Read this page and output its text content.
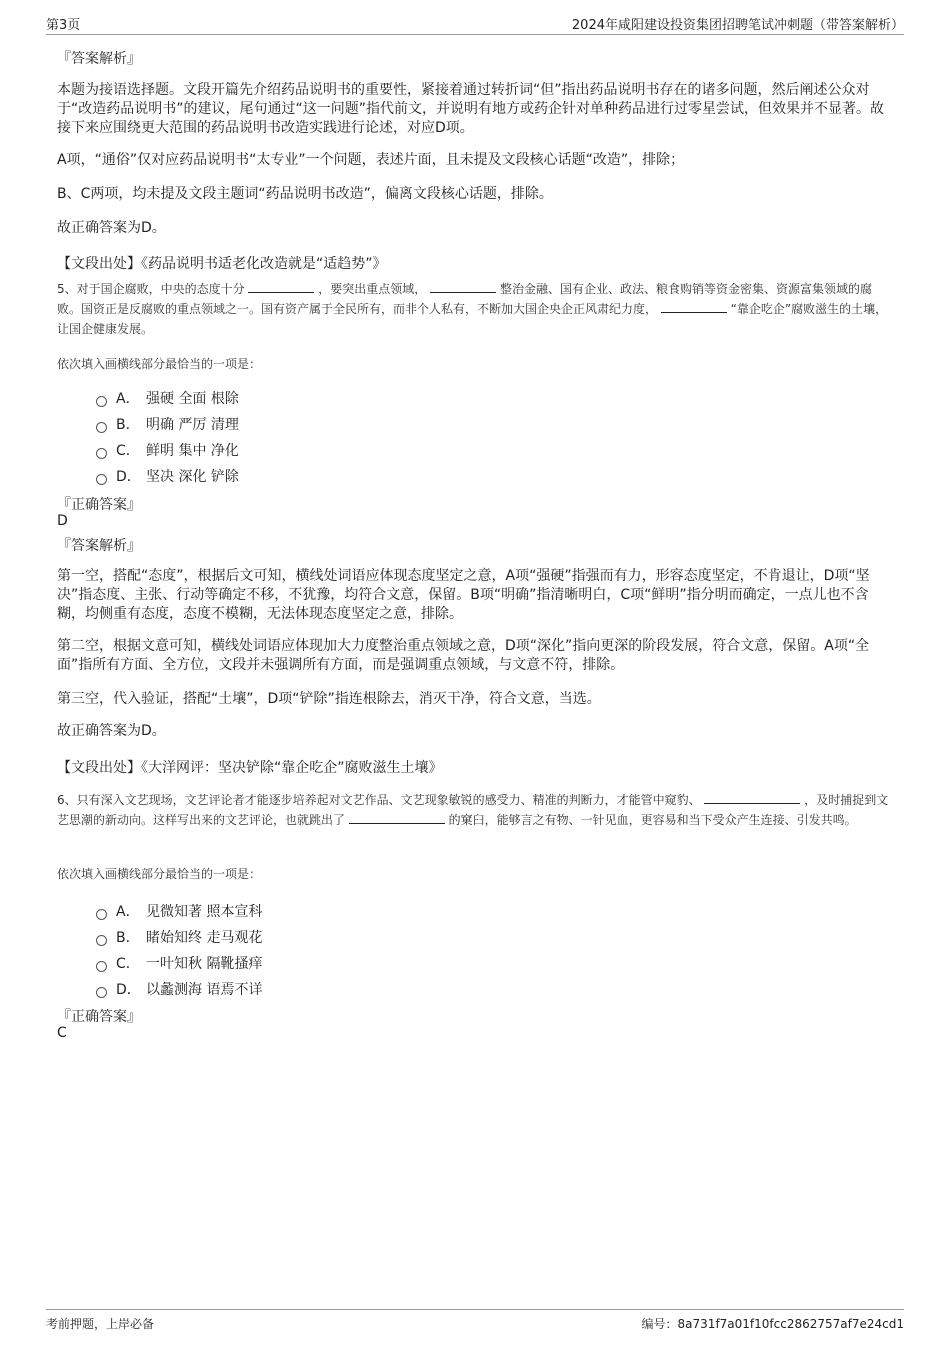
第3页	2024年咸阳建设投资集团招聘笔试冲刺题（带答案解析）
『答案解析』
本题为接语选择题。文段开篇先介绍药品说明书的重要性，紧接着通过转折词“但”指出药品说明书存在的诸多问题，然后阐述公众对于“改造药品说明书”的建议，尾句通过“这一问题”指代前文，并说明有地方或药企针对单种药品进行过零星尝试，但效果并不显著。故接下来应围绕更大范围的药品说明书改造实践进行论述，对应D项。
A项，“通俗”仅对应药品说明书“太专业”一个问题，表述片面，且未提及文段核心话题“改造”，排除；
B、C两项，均未提及文段主题词“药品说明书改造”，偏离文段核心话题，排除。
故正确答案为D。
【文段出处】《药品说明书适老化改造就是“适趋势”》
5、对于国企腐败，中央的态度十分	，要突出重点领域，	整治金融、国有企业、政法、粮食购销等资金密集、资源富集领域的腐败。国资正是反腐败的重点领域之一。国有资产属于全民所有，而非个人私有，不断加大国企央企正风肃纪力度，	“靠企吃企”腐败滋生的土壤，让国企健康发展。
依次填入画横线部分最恰当的一项是：
A． 强硬 全面 根除
B． 明确 严厉 清理
C． 鲜明 集中 净化
D． 坚决 深化 铲除
『正确答案』
D
『答案解析』
第一空，搭配“态度”，根据后文可知，横线处词语应体现态度坚定之意，A项“强硬”指强而有力，形容态度坚定，不肯退让，D项“坚决”指态度、主张、行动等确定不移，不犹豫，均符合文意，保留。B项“明确”指清晰明白，C项“鲜明”指分明而确定，一点儿也不含糊，均侧重有态度，态度不模糊，无法体现态度坚定之意，排除。
第二空，根据文意可知，横线处词语应体现加大力度整治重点领域之意，D项“深化”指向更深的阶段发展，符合文意，保留。A项“全面”指所有方面、全方位，文段并未强调所有方面，而是强调重点领域，与文意不符，排除。
第三空，代入验证，搭配“土壤”，D项“铲除”指连根除去，消灭干净，符合文意，当选。
故正确答案为D。
【文段出处】《大洋网评：坚决铲除“靠企吃企”腐败滋生土壤》
6、只有深入文艺现场，文艺评论者才能逐步培养起对文艺作品、文艺现象敏锐的感受力、精准的判断力，才能管中窥豹、	，及时捕捉到文艺思潮的新动向。这样写出来的文艺评论，也就跳出了	的窠臼，能够言之有物、一针见血，更容易和当下受众产生连接、引发共鸣。
依次填入画横线部分最恰当的一项是：
A． 见微知著 照本宣科
B． 睹始知终 走马观花
C． 一叶知秋 隔靴搔痒
D． 以蠡测海 语焉不详
『正确答案』
C
考前押题，上岸必备	编号：8a731f7a01f10fcc2862757af7e24cd1
